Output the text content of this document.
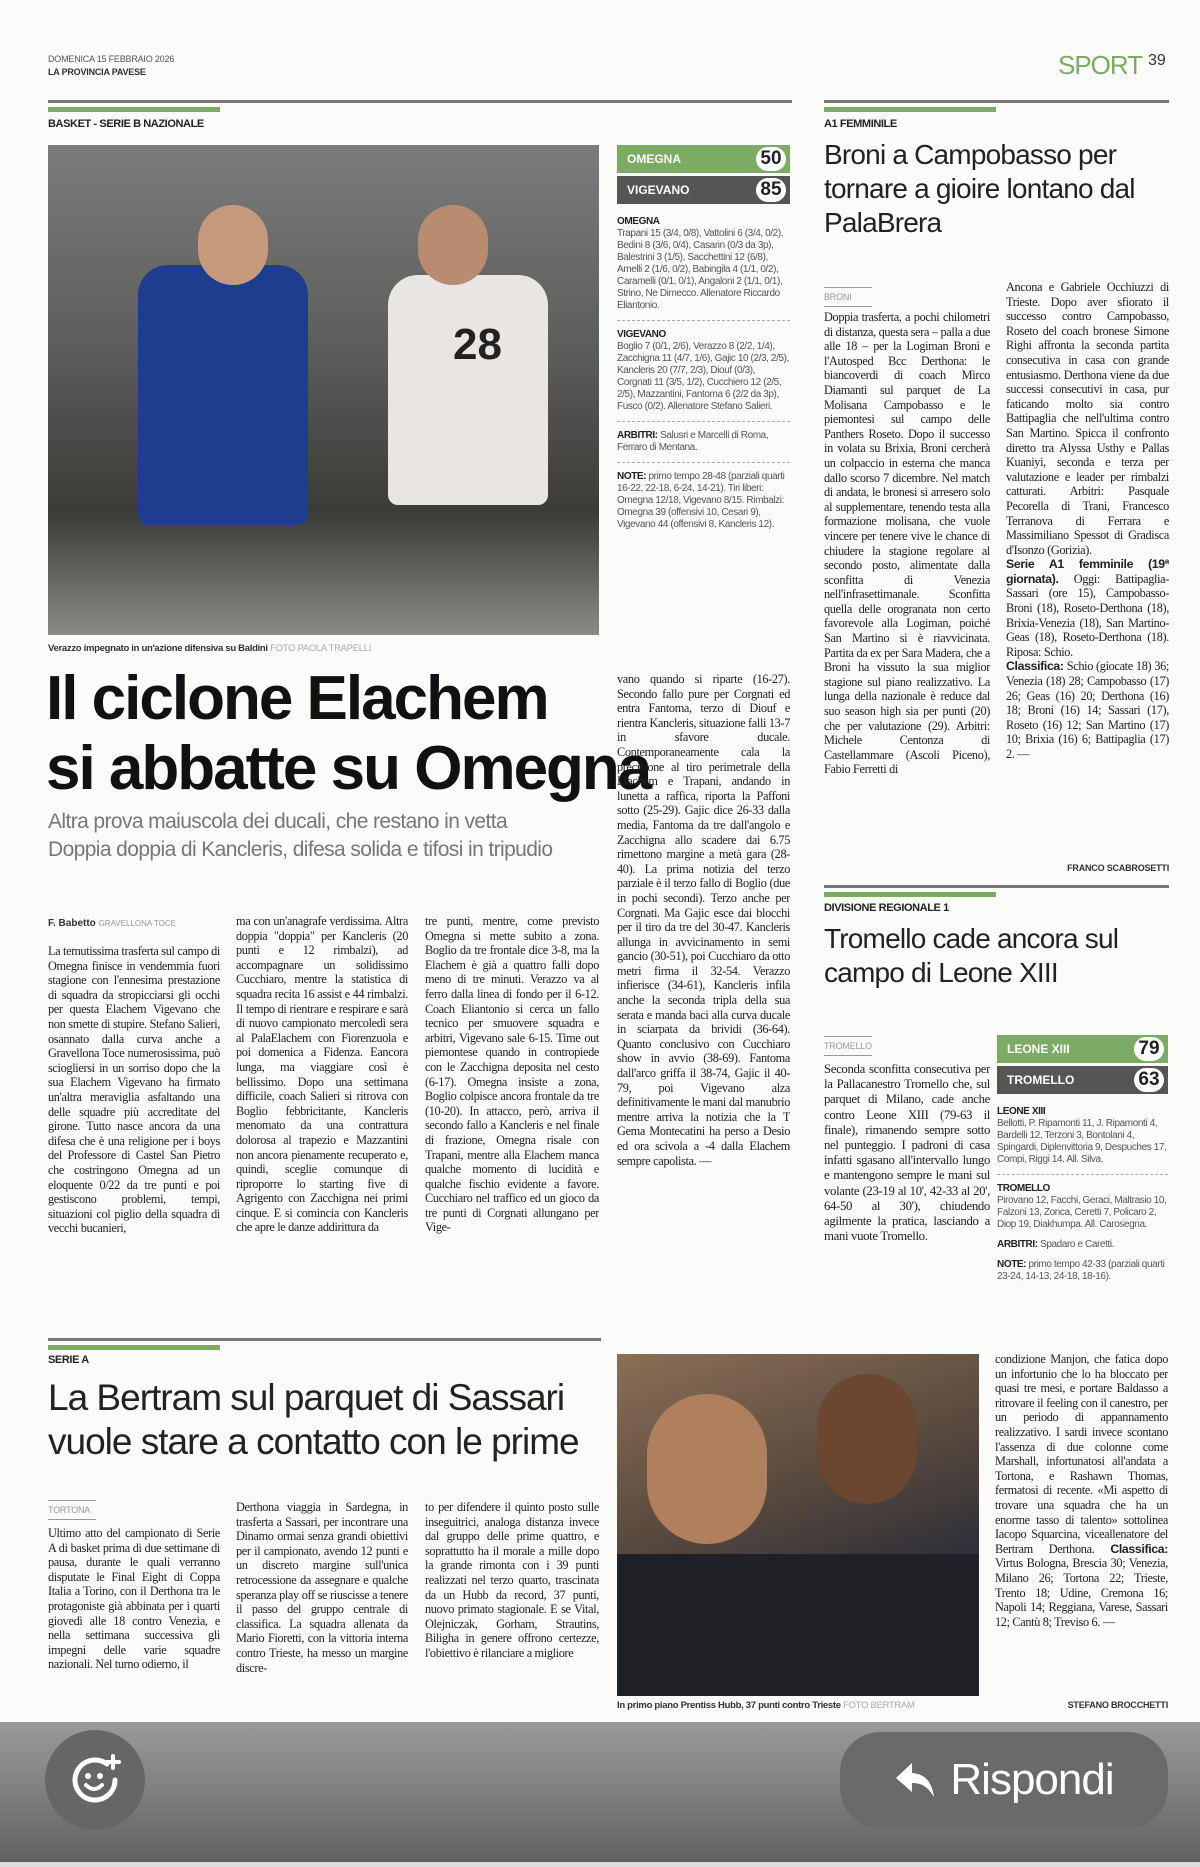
DOMENICA 15 FEBBRAIO 2026
LA PROVINCIA PAVESE	SPORT 39
BASKET - SERIE B NAZIONALE
28
Verazzo impegnato in un'azione difensiva su Baldini FOTO PAOLA TRAPELLI
Il ciclone Elachem
si abbatte su Omegna
Altra prova maiuscola dei ducali, che restano in vetta
Doppia doppia di Kancleris, difesa solida e tifosi in tripudio
F. Babetto GRAVELLONA TOCE
La temutissima trasferta sul campo di Omegna finisce in vendemmia fuori stagione con l'ennesima prestazione di squadra da stropicciarsi gli occhi per questa Elachem Vigevano che non smette di stupire. Stefano Salieri, osannato dalla curva anche a Gravellona Toce numerosissima, può sciogliersi in un sorriso dopo che la sua Elachem Vigevano ha firmato un'altra meraviglia asfaltando una delle squadre più accreditate del girone. Tutto nasce ancora da una difesa che è una religione per i boys del Professore di Castel San Pietro che costringono Omegna ad un eloquente 0/22 da tre punti e poi gestiscono problemi, tempi, situazioni col piglio della squadra di vecchi bucanieri,
ma con un'anagrafe verdissima. Altra doppia "doppia" per Kancleris (20 punti e 12 rimbalzi), ad accompagnare un solidissimo Cucchiaro, mentre la statistica di squadra recita 16 assist e 44 rimbalzi. Il tempo di rientrare e respirare e sarà di nuovo campionato mercoledì sera al PalaElachem con Fiorenzuola e poi domenica a Fidenza. Eancora lunga, ma viaggiare così è bellissimo. Dopo una settimana difficile, coach Salieri si ritrova con Boglio febbricitante, Kancleris menomato da una contrattura dolorosa al trapezio e Mazzantini non ancora pienamente recuperato e, quindi, sceglie comunque di riproporre lo starting five di Agrigento con Zacchigna nei primi cinque. E si comincia con Kancleris che apre le danze addirittura da
tre punti, mentre, come previsto Omegna si mette subito a zona. Boglio da tre frontale dice 3-8, ma la Elachem è già a quattro falli dopo meno di tre minuti. Verazzo va al ferro dalla linea di fondo per il 6-12. Coach Eliantonio si cerca un fallo tecnico per smuovere squadra e arbitri, Vigevano sale 6-15. Time out piemontese quando in contropiede con le Zacchigna deposita nel cesto (6-17). Omegna insiste a zona, Boglio colpisce ancora frontale da tre (10-20). In attacco, però, arriva il secondo fallo a Kancleris e nel finale di frazione, Omegna risale con Trapani, mentre alla Elachem manca qualche momento di lucidità e qualche fischio evidente a favore. Cucchiaro nel traffico ed un gioco da tre punti di Corgnati allungano per Vige-
vano quando si riparte (16-27). Secondo fallo pure per Corgnati ed entra Fantoma, terzo di Diouf e rientra Kancleris, situazione falli 13-7 in sfavore ducale. Contemporaneamente cala la precisione al tiro perimetrale della Elachem e Trapani, andando in lunetta a raffica, riporta la Paffoni sotto (25-29). Gajic dice 26-33 dalla media, Fantoma da tre dall'angolo e Zacchigna allo scadere dai 6.75 rimettono margine a metà gara (28-40). La prima notizia del terzo parziale è il terzo fallo di Boglio (due in pochi secondi). Terzo anche per Corgnati. Ma Gajic esce dai blocchi per il tiro da tre del 30-47. Kancleris allunga in avvicinamento in semi gancio (30-51), poi Cucchiaro da otto metri firma il 32-54. Verazzo infierisce (34-61), Kancleris infila anche la seconda tripla della sua serata e manda baci alla curva ducale in sciarpata da brividi (36-64). Quanto conclusivo con Cucchiaro show in avvio (38-69). Fantoma dall'arco griffa il 38-74, Gajic il 40-79, poi Vigevano alza definitivamente le mani dal manubrio mentre arriva la notizia che la T Gema Montecatini ha perso a Desio ed ora scivola a -4 dalla Elachem sempre capolista. —
OMEGNA	50
VIGEVANO	85
OMEGNA
Trapani 15 (3/4, 0/8), Vattolini 6 (3/4, 0/2), Bedini 8 (3/6, 0/4), Casarin (0/3 da 3p), Balestrini 3 (1/5), Sacchettini 12 (6/8), Amelli 2 (1/6, 0/2), Babingila 4 (1/1, 0/2), Caramelli (0/1, 0/1), Angaloni 2 (1/1, 0/1), Strino, Ne Dimecco. Allenatore Riccardo Eliantonio.
VIGEVANO
Boglio 7 (0/1, 2/6), Verazzo 8 (2/2, 1/4), Zacchigna 11 (4/7, 1/6), Gajic 10 (2/3, 2/5), Kancleris 20 (7/7, 2/3), Diouf (0/3), Corgnati 11 (3/5, 1/2), Cucchiero 12 (2/5, 2/5), Mazzantini, Fantoma 6 (2/2 da 3p), Fusco (0/2). Allenatore Stefano Salieri.
ARBITRI: Salusri e Marcelli di Roma, Ferraro di Mentana.
NOTE: primo tempo 28-48 (parziali quarti 16-22, 22-18, 6-24, 14-21). Tiri liberi: Omegna 12/18, Vigevano 8/15. Rimbalzi: Omegna 39 (offensivi 10, Cesari 9), Vigevano 44 (offensivi 8, Kancleris 12).
A1 FEMMINILE
Broni a Campobasso per tornare a gioire lontano dal PalaBrera
BRONI
Doppia trasferta, a pochi chilometri di distanza, questa sera – palla a due alle 18 – per la Logiman Broni e l'Autosped Bcc Derthona: le biancoverdi di coach Mirco Diamanti sul parquet de La Molisana Campobasso e le piemontesi sul campo delle Panthers Roseto. Dopo il successo in volata su Brixia, Broni cercherà un colpaccio in esterna che manca dallo scorso 7 dicembre. Nel match di andata, le bronesi si arresero solo al supplementare, tenendo testa alla formazione molisana, che vuole vincere per tenere vive le chance di chiudere la stagione regolare al secondo posto, alimentate dalla sconfitta di Venezia nell'infrasettimanale. Sconfitta quella delle orogranata non certo favorevole alla Logiman, poiché San Martino si è riavvicinata. Partita da ex per Sara Madera, che a Broni ha vissuto la sua miglior stagione sul piano realizzativo. La lunga della nazionale è reduce dal suo season high sia per punti (20) che per valutazione (29). Arbitri: Michele Centonza di Castellammare (Ascoli Piceno), Fabio Ferretti di
Ancona e Gabriele Occhiuzzi di Trieste. Dopo aver sfiorato il successo contro Campobasso, Roseto del coach bronese Simone Righi affronta la seconda partita consecutiva in casa con grande entusiasmo. Derthona viene da due successi consecutivi in casa, pur faticando molto sia contro Battipaglia che nell'ultima contro San Martino. Spicca il confronto diretto tra Alyssa Usthy e Pallas Kuaniyi, seconda e terza per valutazione e leader per rimbalzi catturati. Arbitri: Pasquale Pecorella di Trani, Francesco Terranova di Ferrara e Massimiliano Spessot di Gradisca d'Isonzo (Gorizia).
Serie A1 femminile (19ª giornata). Oggi: Battipaglia-Sassari (ore 15), Campobasso-Broni (18), Roseto-Derthona (18), Brixia-Venezia (18), San Martino-Geas (18), Roseto-Derthona (18). Riposa: Schio.
Classifica: Schio (giocate 18) 36; Venezia (18) 28; Campobasso (17) 26; Geas (16) 20; Derthona (16) 18; Broni (16) 14; Sassari (17), Roseto (16) 12; San Martino (17) 10; Brixia (16) 6; Battipaglia (17) 2. —
FRANCO SCABROSETTI
DIVISIONE REGIONALE 1
Tromello cade ancora sul campo di Leone XIII
TROMELLO
Seconda sconfitta consecutiva per la Pallacanestro Tromello che, sul parquet di Milano, cade anche contro Leone XIII (79-63 il finale), rimanendo sempre sotto nel punteggio. I padroni di casa infatti sgasano all'intervallo lungo e mantengono sempre le mani sul volante (23-19 al 10', 42-33 al 20', 64-50 al 30'), chiudendo agilmente la pratica, lasciando a mani vuote Tromello.
LEONE XIII	79
TROMELLO	63
LEONE XIII
Bellotti, P. Ripamonti 11, J. Ripamonti 4, Bardelli 12, Terzoni 3, Bontolani 4, Spingardi, Diplenvittoria 9, Despuches 17, Compi, Riggi 14. All. Silva.
TROMELLO
Pirovano 12, Facchi, Geraci, Maltrasio 10, Falzoni 13, Zonca, Ceretti 7, Policaro 2, Diop 19, Diakhumpa. All. Carosegna.
ARBITRI: Spadaro e Caretti.
NOTE: primo tempo 42-33 (parziali quarti 23-24, 14-13, 24-18, 18-16).
SERIE A
La Bertram sul parquet di Sassari
vuole stare a contatto con le prime
TORTONA
Ultimo atto del campionato di Serie A di basket prima di due settimane di pausa, durante le quali verranno disputate le Final Eight di Coppa Italia a Torino, con il Derthona tra le protagoniste già abbinata per i quarti giovedì alle 18 contro Venezia, e nella settimana successiva gli impegni delle varie squadre nazionali. Nel turno odierno, il
Derthona viaggia in Sardegna, in trasferta a Sassari, per incontrare una Dinamo ormai senza grandi obiettivi per il campionato, avendo 12 punti e un discreto margine sull'unica retrocessione da assegnare e qualche speranza play off se riuscisse a tenere il passo del gruppo centrale di classifica. La squadra allenata da Mario Fioretti, con la vittoria interna contro Trieste, ha messo un margine discre-
to per difendere il quinto posto sulle inseguitrici, analoga distanza invece dal gruppo delle prime quattro, e soprattutto ha il morale a mille dopo la grande rimonta con i 39 punti realizzati nel terzo quarto, trascinata da un Hubb da record, 37 punti, nuovo primato stagionale. E se Vital, Olejniczak, Gorham, Strautins, Biligha in genere offrono certezze, l'obiettivo è rilanciare a migliore
In primo piano Prentiss Hubb, 37 punti contro Trieste FOTO BERTRAM
condizione Manjon, che fatica dopo un infortunio che lo ha bloccato per quasi tre mesi, e portare Baldasso a ritrovare il feeling con il canestro, per un periodo di appannamento realizzativo. I sardi invece scontano l'assenza di due colonne come Marshall, infortunatosi all'andata a Tortona, e Rashawn Thomas, fermatosi di recente. «Mi aspetto di trovare una squadra che ha un enorme tasso di talento» sottolinea Iacopo Squarcina, viceallenatore del Bertram Derthona. Classifica: Virtus Bologna, Brescia 30; Venezia, Milano 26; Tortona 22; Trieste, Trento 18; Udine, Cremona 16; Napoli 14; Reggiana, Varese, Sassari 12; Cantù 8; Treviso 6. —
STEFANO BROCCHETTI
Rispondi
